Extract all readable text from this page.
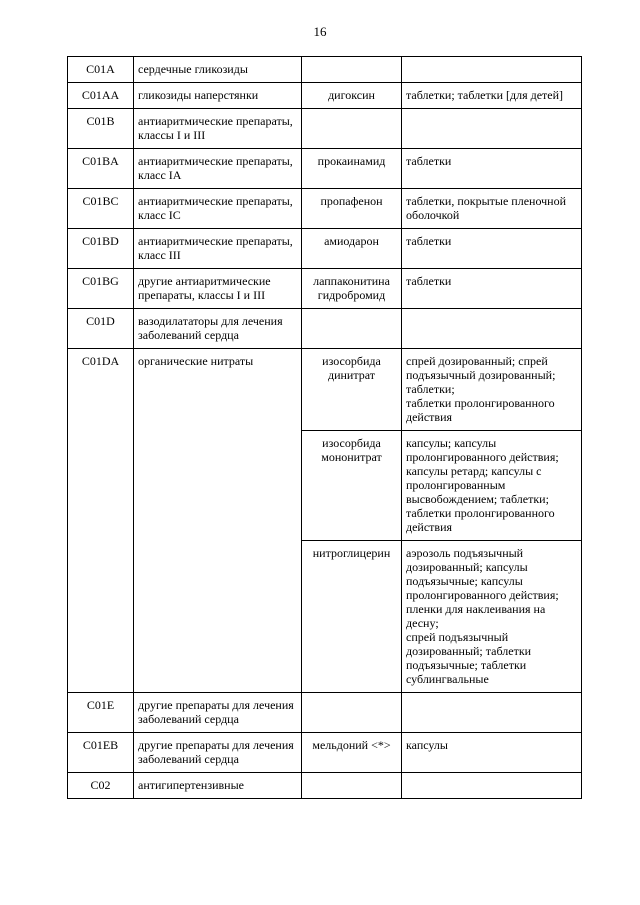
16
C01A	сердечные гликозиды		
C01AA	гликозиды наперстянки	дигоксин	таблетки; таблетки [для детей]
C01B	антиаритмические препараты, классы I и III		
C01BA	антиаритмические препараты, класс IA	прокаинамид	таблетки
C01BC	антиаритмические препараты, класс IC	пропафенон	таблетки, покрытые пленочной оболочкой
C01BD	антиаритмические препараты, класс III	амиодарон	таблетки
C01BG	другие антиаритмические препараты, классы I и III	лаппаконитина гидробромид	таблетки
C01D	вазодилататоры для лечения заболеваний сердца		
C01DA	органические нитраты	изосорбида динитрат	спрей дозированный; спрей подъязычный дозированный;
таблетки;
таблетки пролонгированного действия

		изосорбида мононитрат	капсулы; капсулы пролонгированного действия; капсулы ретард; капсулы с пролонгированным высвобождением; таблетки; таблетки пролонгированного действия

		нитроглицерин	аэрозоль подъязычный дозированный; капсулы подъязычные; капсулы пролонгированного действия; пленки для наклеивания на десну;
спрей подъязычный дозированный; таблетки подъязычные; таблетки сублингвальные

C01E	другие препараты для лечения заболеваний сердца		
C01EB	другие препараты для лечения заболеваний сердца	мельдоний <*>	капсулы
C02	антигипертензивные		
